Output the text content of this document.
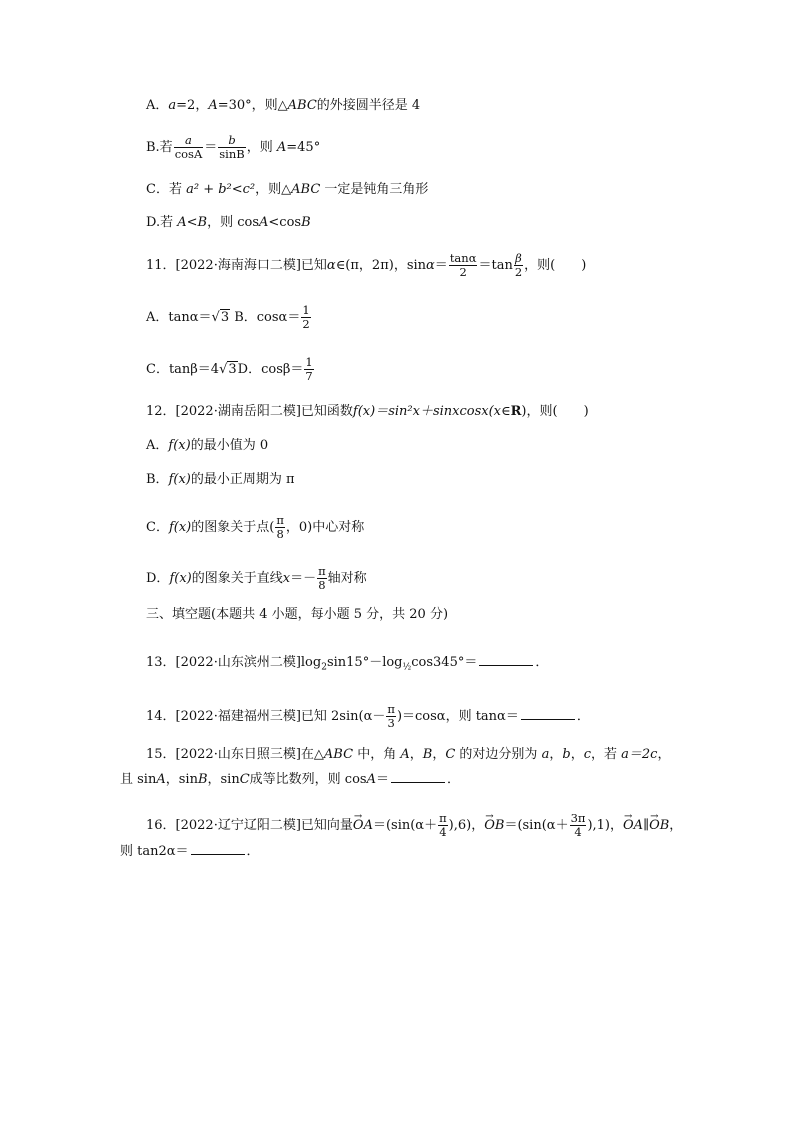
A．a=2，A=30°，则△ABC的外接圆半径是 4
B.若 $\frac{a}{\cos A} = \frac{b}{\sin B}$ ，则 A=45°
C．若 a² + b²<c²，则△ABC 一定是钝角三角形
D.若 A<B，则 cosA<cosB
11．[2022·海南海口二模]已知α∈(π，2π)，$\sin\alpha= \frac{\tan\alpha}{2} =\tan \frac{\beta}{2}$ ，则(　　)
A．tanα＝√3 B．$\cos\alpha= \frac{1}{2}$
C．tanβ＝4√3D．$\cos\beta= \frac{1}{7}$
12．[2022·湖南岳阳二模]已知函数f(x)＝sin²x＋sinxcosx(x∈R)，则(　　)
A．f(x)的最小值为 0
B．f(x)的最小正周期为 π
C．f(x)的图象关于点( $\frac{\pi}{8}$ ，0)中心对称
D．f(x)的图象关于直线$x=- \frac{\pi}{8}$ 轴对称
三、填空题(本题共 4 小题，每小题 5 分，共 20 分)
13．[2022·山东滨州二模]$\log_2\sin 15^\circ-\log_{\frac{1}{2}}\cos 345^\circ=$	．
14．[2022·福建福州三模]已知 $2\sin(\alpha- \frac{\pi}{3} )=\cos\alpha$，则 tanα＝	．
15．[2022·山东日照三模]在△ABC 中，角 A，B，C 的对边分别为 a，b，c，若 a＝2c，
且 sinA，sinB，sinC成等比数列，则 cosA＝	．
16．[2022·辽宁辽阳二模]已知向量→ $OA=(\sin(\alpha+ \frac{\pi}{4} ),6)$，→ $OB=(\sin(\alpha+ \frac{3\pi}{4} ),1)$，→ OA∥→ OB，
则 tan2α＝	．
